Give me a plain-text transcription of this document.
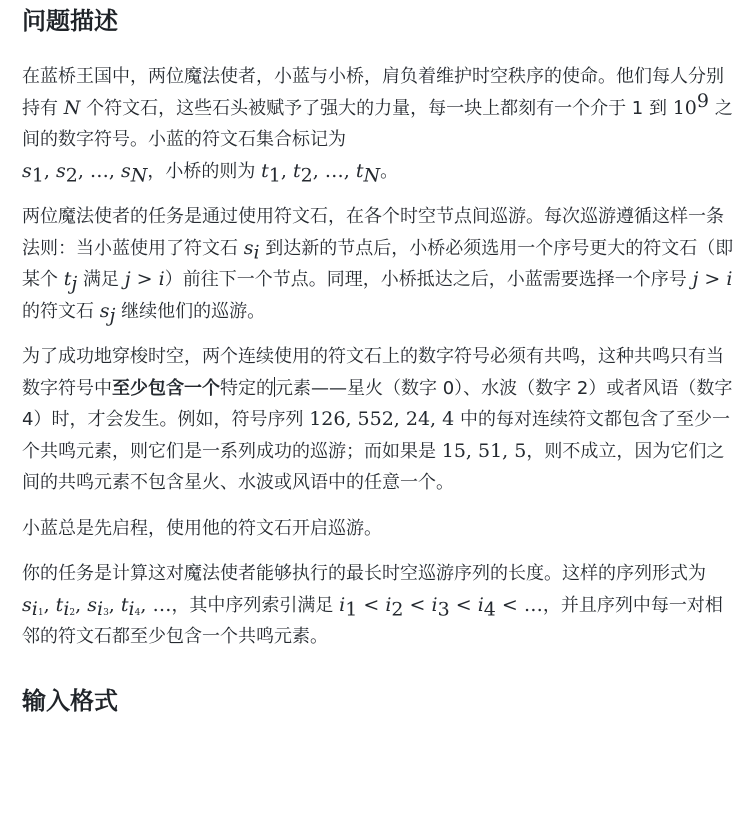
问题描述

在蓝桥王国中，两位魔法使者，小蓝与小桥，肩负着维护时空秩序的使命。他们每人分别持有 N 个符文石，这些石头被赋予了强大的力量，每一块上都刻有一个介于 1 到 $10^9$ 之间的数字符号。小蓝的符文石集合标记为
$s_1$, $s_2$, …, $s_N$，小桥的则为 $t_1$, $t_2$, …, $t_N$。

两位魔法使者的任务是通过使用符文石，在各个时空节点间巡游。每次巡游遵循这样一条法则：当小蓝使用了符文石 $s_i$ 到达新的节点后，小桥必须选用一个序号更大的符文石（即某个 $t_j$ 满足 j > i）前往下一个节点。同理，小桥抵达之后，小蓝需要选择一个序号 j > i 的符文石 $s_j$ 继续他们的巡游。

为了成功地穿梭时空，两个连续使用的符文石上的数字符号必须有共鸣，这种共鸣只有当数字符号中至少包含一个特定的元素——星火（数字 0）、水波（数字 2）或者风语（数字 4）时，才会发生。例如，符号序列 126, 552, 24, 4 中的每对连续符文都包含了至少一个共鸣元素，则它们是一系列成功的巡游；而如果是 15, 51, 5，则不成立，因为它们之间的共鸣元素不包含星火、水波或风语中的任意一个。

小蓝总是先启程，使用他的符文石开启巡游。

你的任务是计算这对魔法使者能够执行的最长时空巡游序列的长度。这样的序列形式为 $s_{i1}$, $t_{i2}$, $s_{i3}$, $t_{i4}$, …，其中序列索引满足 $i_1 < i_2 < i_3 < i_4$ < …，并且序列中每一对相邻的符文石都至少包含一个共鸣元素。

输入格式
